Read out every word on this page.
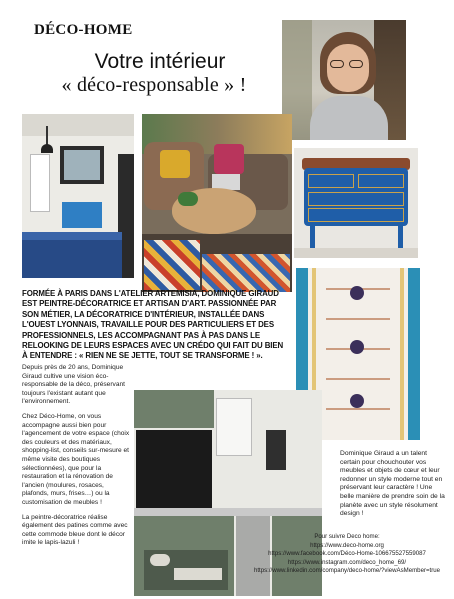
DÉCO-HOME
Votre intérieur
« déco-responsable » !
FORMÉE À PARIS DANS L'ATELIER ARTEMISIA, DOMINIQUE GIRAUD EST PEINTRE-DÉCORATRICE ET ARTISAN D'ART. PASSIONNÉE PAR SON MÉTIER, LA DÉCORATRICE D'INTÉRIEUR, INSTALLÉE DANS L'OUEST LYONNAIS, TRAVAILLE POUR DES PARTICULIERS ET DES PROFESSIONNELS, LES ACCOMPAGNANT PAS À PAS DANS LE RELOOKING DE LEURS ESPACES AVEC UN CRÉDO QUI FAIT DU BIEN À ENTENDRE : « RIEN NE SE JETTE, TOUT SE TRANSFORME ! ».

Depuis près de 20 ans, Dominique Giraud cultive une vision éco-responsable de la déco, préservant toujours l'existant autant que l'environnement.

Chez Déco-Home, on vous accompagne aussi bien pour l'agencement de votre espace (choix des couleurs et des matériaux, shopping-list, conseils sur-mesure et même visite des boutiques sélectionnées), que pour la restauration et la rénovation de l'ancien (moulures, rosaces, plafonds, murs, frises…) ou la customisation de meubles !

La peintre-décoratrice réalise également des patines comme avec cette commode bleue dont le décor imite le lapis-lazuli !

Dominique Giraud a un talent certain pour chouchouter vos meubles et objets de cœur et leur redonner un style moderne tout en préservant leur caractère ! Une belle manière de prendre soin de la planète avec un style résolument design !
Pour suivre Deco home:
https://www.deco-home.org
https://www.facebook.com/Déco-Home-106675527559087
https://www.instagram.com/deco_home_69/
https://www.linkedin.com/company/deco-home/?viewAsMember=true
